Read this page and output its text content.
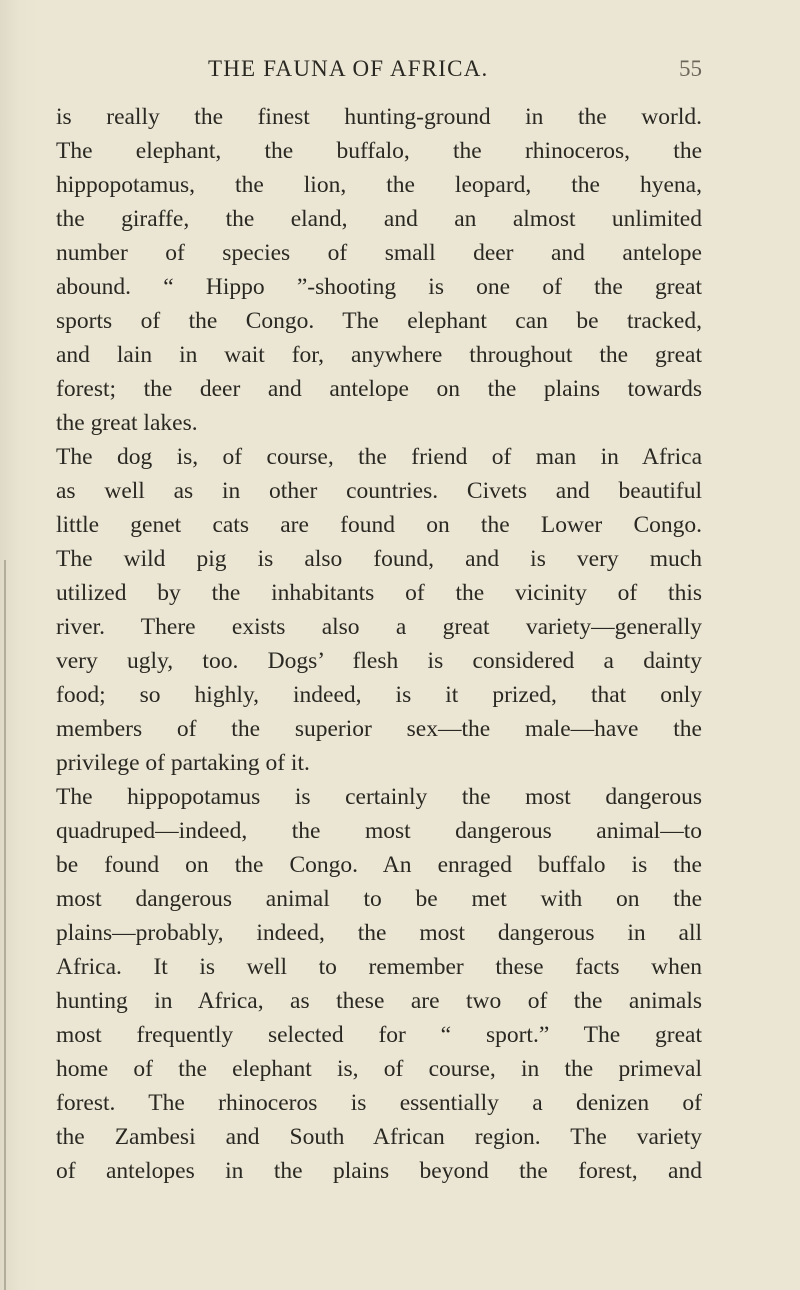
THE FAUNA OF AFRICA.	55
is really the finest hunting-ground in the world.
The elephant, the buffalo, the rhinoceros, the
hippopotamus, the lion, the leopard, the hyena,
the giraffe, the eland, and an almost unlimited
number of species of small deer and antelope
abound. “ Hippo ”-shooting is one of the great
sports of the Congo. The elephant can be tracked,
and lain in wait for, anywhere throughout the great
forest; the deer and antelope on the plains towards
the great lakes.
The dog is, of course, the friend of man in Africa
as well as in other countries. Civets and beautiful
little genet cats are found on the Lower Congo.
The wild pig is also found, and is very much
utilized by the inhabitants of the vicinity of this
river. There exists also a great variety—generally
very ugly, too. Dogs’ flesh is considered a dainty
food; so highly, indeed, is it prized, that only
members of the superior sex—the male—have the
privilege of partaking of it.
The hippopotamus is certainly the most dangerous
quadruped—indeed, the most dangerous animal—to
be found on the Congo. An enraged buffalo is the
most dangerous animal to be met with on the
plains—probably, indeed, the most dangerous in all
Africa. It is well to remember these facts when
hunting in Africa, as these are two of the animals
most frequently selected for “ sport.” The great
home of the elephant is, of course, in the primeval
forest. The rhinoceros is essentially a denizen of
the Zambesi and South African region. The variety
of antelopes in the plains beyond the forest, and
